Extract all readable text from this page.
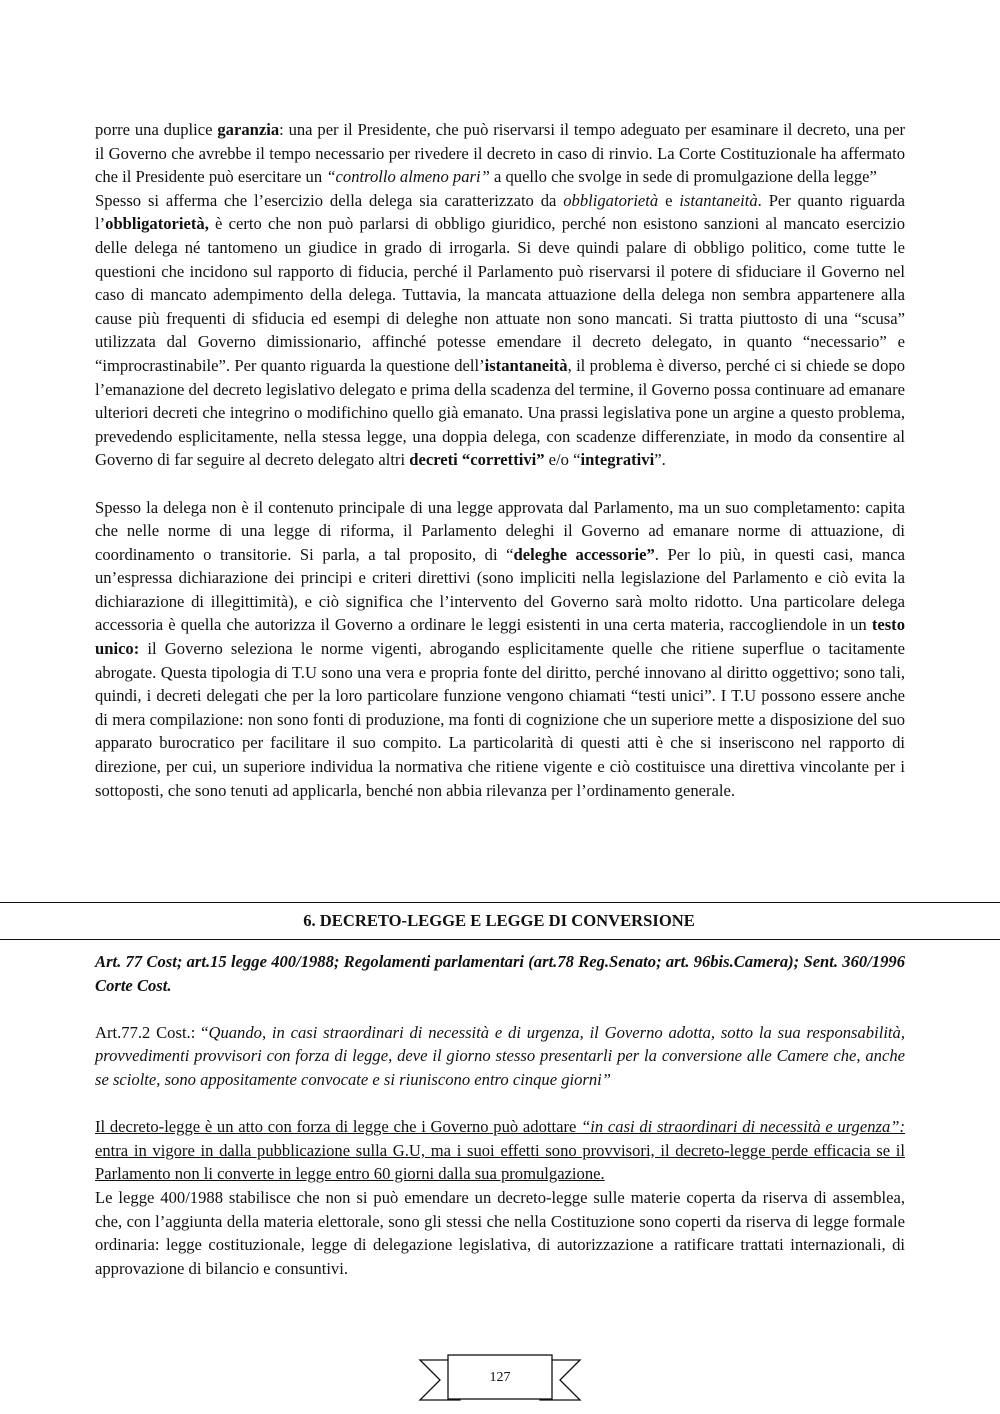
porre una duplice garanzia: una per il Presidente, che può riservarsi il tempo adeguato per esaminare il decreto, una per il Governo che avrebbe il tempo necessario per rivedere il decreto in caso di rinvio. La Corte Costituzionale ha affermato che il Presidente può esercitare un “controllo almeno pari” a quello che svolge in sede di promulgazione della legge”

Spesso si afferma che l’esercizio della delega sia caratterizzato da obbligatorietà e istantaneità. Per quanto riguarda l’obbligatorietà, è certo che non può parlarsi di obbligo giuridico, perché non esistono sanzioni al mancato esercizio delle delega né tantomeno un giudice in grado di irrogarla. Si deve quindi palare di obbligo politico, come tutte le questioni che incidono sul rapporto di fiducia, perché il Parlamento può riservarsi il potere di sfiduciare il Governo nel caso di mancato adempimento della delega. Tuttavia, la mancata attuazione della delega non sembra appartenere alla cause più frequenti di sfiducia ed esempi di deleghe non attuate non sono mancati. Si tratta piuttosto di una “scusa” utilizzata dal Governo dimissionario, affinché potesse emendare il decreto delegato, in quanto “necessario” e “improcrastinabile”. Per quanto riguarda la questione dell’istantaneità, il problema è diverso, perché ci si chiede se dopo l’emanazione del decreto legislativo delegato e prima della scadenza del termine, il Governo possa continuare ad emanare ulteriori decreti che integrino o modifichino quello già emanato. Una prassi legislativa pone un argine a questo problema, prevedendo esplicitamente, nella stessa legge, una doppia delega, con scadenze differenziate, in modo da consentire al Governo di far seguire al decreto delegato altri decreti “correttivi” e/o “integrativi”.

Spesso la delega non è il contenuto principale di una legge approvata dal Parlamento, ma un suo completamento: capita che nelle norme di una legge di riforma, il Parlamento deleghi il Governo ad emanare norme di attuazione, di coordinamento o transitorie. Si parla, a tal proposito, di “deleghe accessorie”. Per lo più, in questi casi, manca un’espressa dichiarazione dei principi e criteri direttivi (sono impliciti nella legislazione del Parlamento e ciò evita la dichiarazione di illegittimità), e ciò significa che l’intervento del Governo sarà molto ridotto. Una particolare delega accessoria è quella che autorizza il Governo a ordinare le leggi esistenti in una certa materia, raccogliendole in un testo unico: il Governo seleziona le norme vigenti, abrogando esplicitamente quelle che ritiene superflue o tacitamente abrogate. Questa tipologia di T.U sono una vera e propria fonte del diritto, perché innovano al diritto oggettivo; sono tali, quindi, i decreti delegati che per la loro particolare funzione vengono chiamati “testi unici”. I T.U possono essere anche di mera compilazione: non sono fonti di produzione, ma fonti di cognizione che un superiore mette a disposizione del suo apparato burocratico per facilitare il suo compito. La particolarità di questi atti è che si inseriscono nel rapporto di direzione, per cui, un superiore individua la normativa che ritiene vigente e ciò costituisce una direttiva vincolante per i sottoposti, che sono tenuti ad applicarla, benché non abbia rilevanza per l’ordinamento generale.

6. DECRETO-LEGGE E LEGGE DI CONVERSIONE

Art. 77 Cost; art.15 legge 400/1988; Regolamenti parlamentari (art.78 Reg.Senato; art. 96bis.Camera); Sent. 360/1996 Corte Cost.

Art.77.2 Cost.: “Quando, in casi straordinari di necessità e di urgenza, il Governo adotta, sotto la sua responsabilità, provvedimenti provvisori con forza di legge, deve il giorno stesso presentarli per la conversione alle Camere che, anche se sciolte, sono appositamente convocate e si riuniscono entro cinque giorni”

Il decreto-legge è un atto con forza di legge che i Governo può adottare “in casi di straordinari di necessità e urgenza”: entra in vigore in dalla pubblicazione sulla G.U, ma i suoi effetti sono provvisori, il decreto-legge perde efficacia se il Parlamento non li converte in legge entro 60 giorni dalla sua promulgazione.

Le legge 400/1988 stabilisce che non si può emendare un decreto-legge sulle materie coperta da riserva di assemblea, che, con l’aggiunta della materia elettorale, sono gli stessi che nella Costituzione sono coperti da riserva di legge formale ordinaria: legge costituzionale, legge di delegazione legislativa, di autorizzazione a ratificare trattati internazionali, di approvazione di bilancio e consuntivi.

127
